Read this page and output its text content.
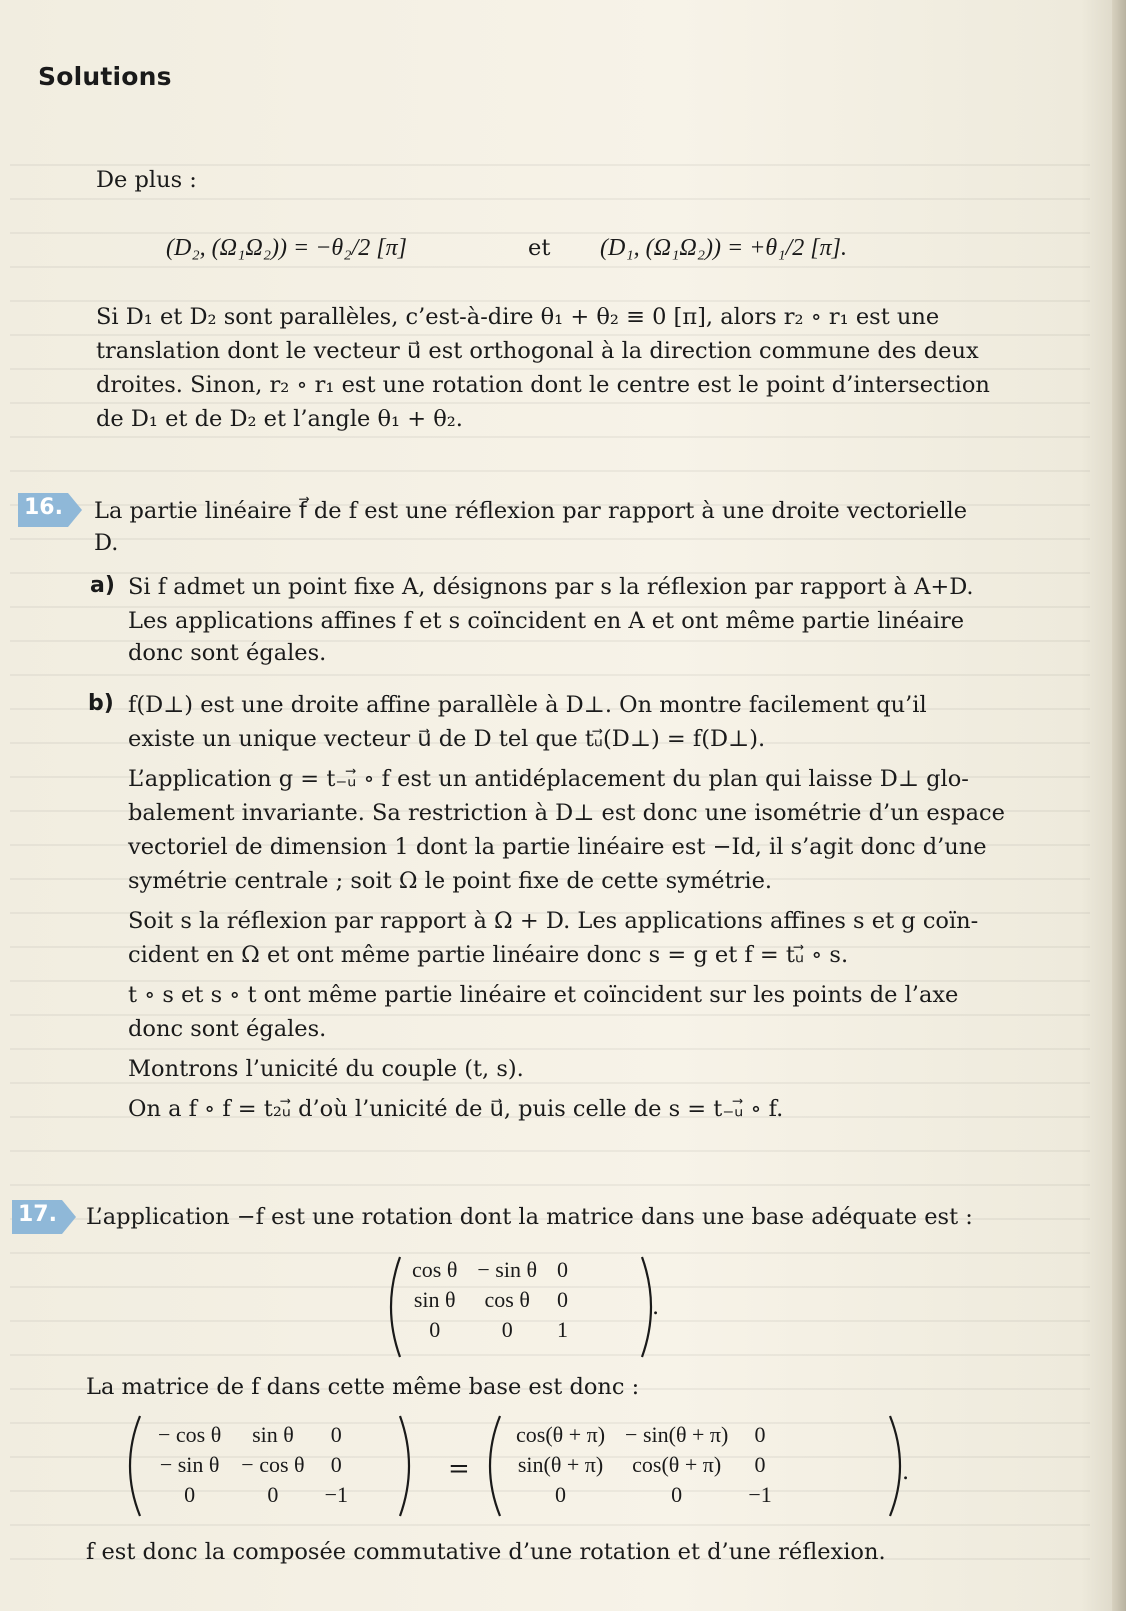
Solutions
De plus :
(D₂, (Ω₁Ω₂)) = −θ₂/2 [π]	et (D₁, (Ω₁Ω₂)) = +θ₁/2 [π].
Si D₁ et D₂ sont parallèles, c’est-à-dire θ₁ + θ₂ ≡ 0 [π], alors r₂ ∘ r₁ est une
translation dont le vecteur u⃗ est orthogonal à la direction commune des deux
droites. Sinon, r₂ ∘ r₁ est une rotation dont le centre est le point d’intersection
de D₁ et de D₂ et l’angle θ₁ + θ₂.
16. La partie linéaire f⃗ de f est une réflexion par rapport à une droite vectorielle
D.
a) Si f admet un point fixe A, désignons par s la réflexion par rapport à A+D.
Les applications affines f et s coïncident en A et ont même partie linéaire
donc sont égales.
b) f(D⊥) est une droite affine parallèle à D⊥. On montre facilement qu’il
existe un unique vecteur u⃗ de D tel que tᵤ⃗(D⊥) = f(D⊥).
L’application g = t₋ᵤ⃗ ∘ f est un antidéplacement du plan qui laisse D⊥ glo-
balement invariante. Sa restriction à D⊥ est donc une isométrie d’un espace
vectoriel de dimension 1 dont la partie linéaire est −Id, il s’agit donc d’une
symétrie centrale ; soit Ω le point fixe de cette symétrie.
Soit s la réflexion par rapport à Ω + D. Les applications affines s et g coïn-
cident en Ω et ont même partie linéaire donc s = g et f = tᵤ⃗ ∘ s.
t ∘ s et s ∘ t ont même partie linéaire et coïncident sur les points de l’axe
donc sont égales.
Montrons l’unicité du couple (t, s).
On a f ∘ f = t₂ᵤ⃗ d’où l’unicité de u⃗, puis celle de s = t₋ᵤ⃗ ∘ f.
17. L’application −f est une rotation dont la matrice dans une base adéquate est :
cos θ	− sin θ	0
sin θ	cos θ	0
0	0	1
.
La matrice de f dans cette même base est donc :
− cos θ	sin θ	0
− sin θ	− cos θ	0
0	0	−1
=
cos(θ + π)	− sin(θ + π)	0
sin(θ + π)	cos(θ + π)	0
0	0	−1
.
f est donc la composée commutative d’une rotation et d’une réflexion.
